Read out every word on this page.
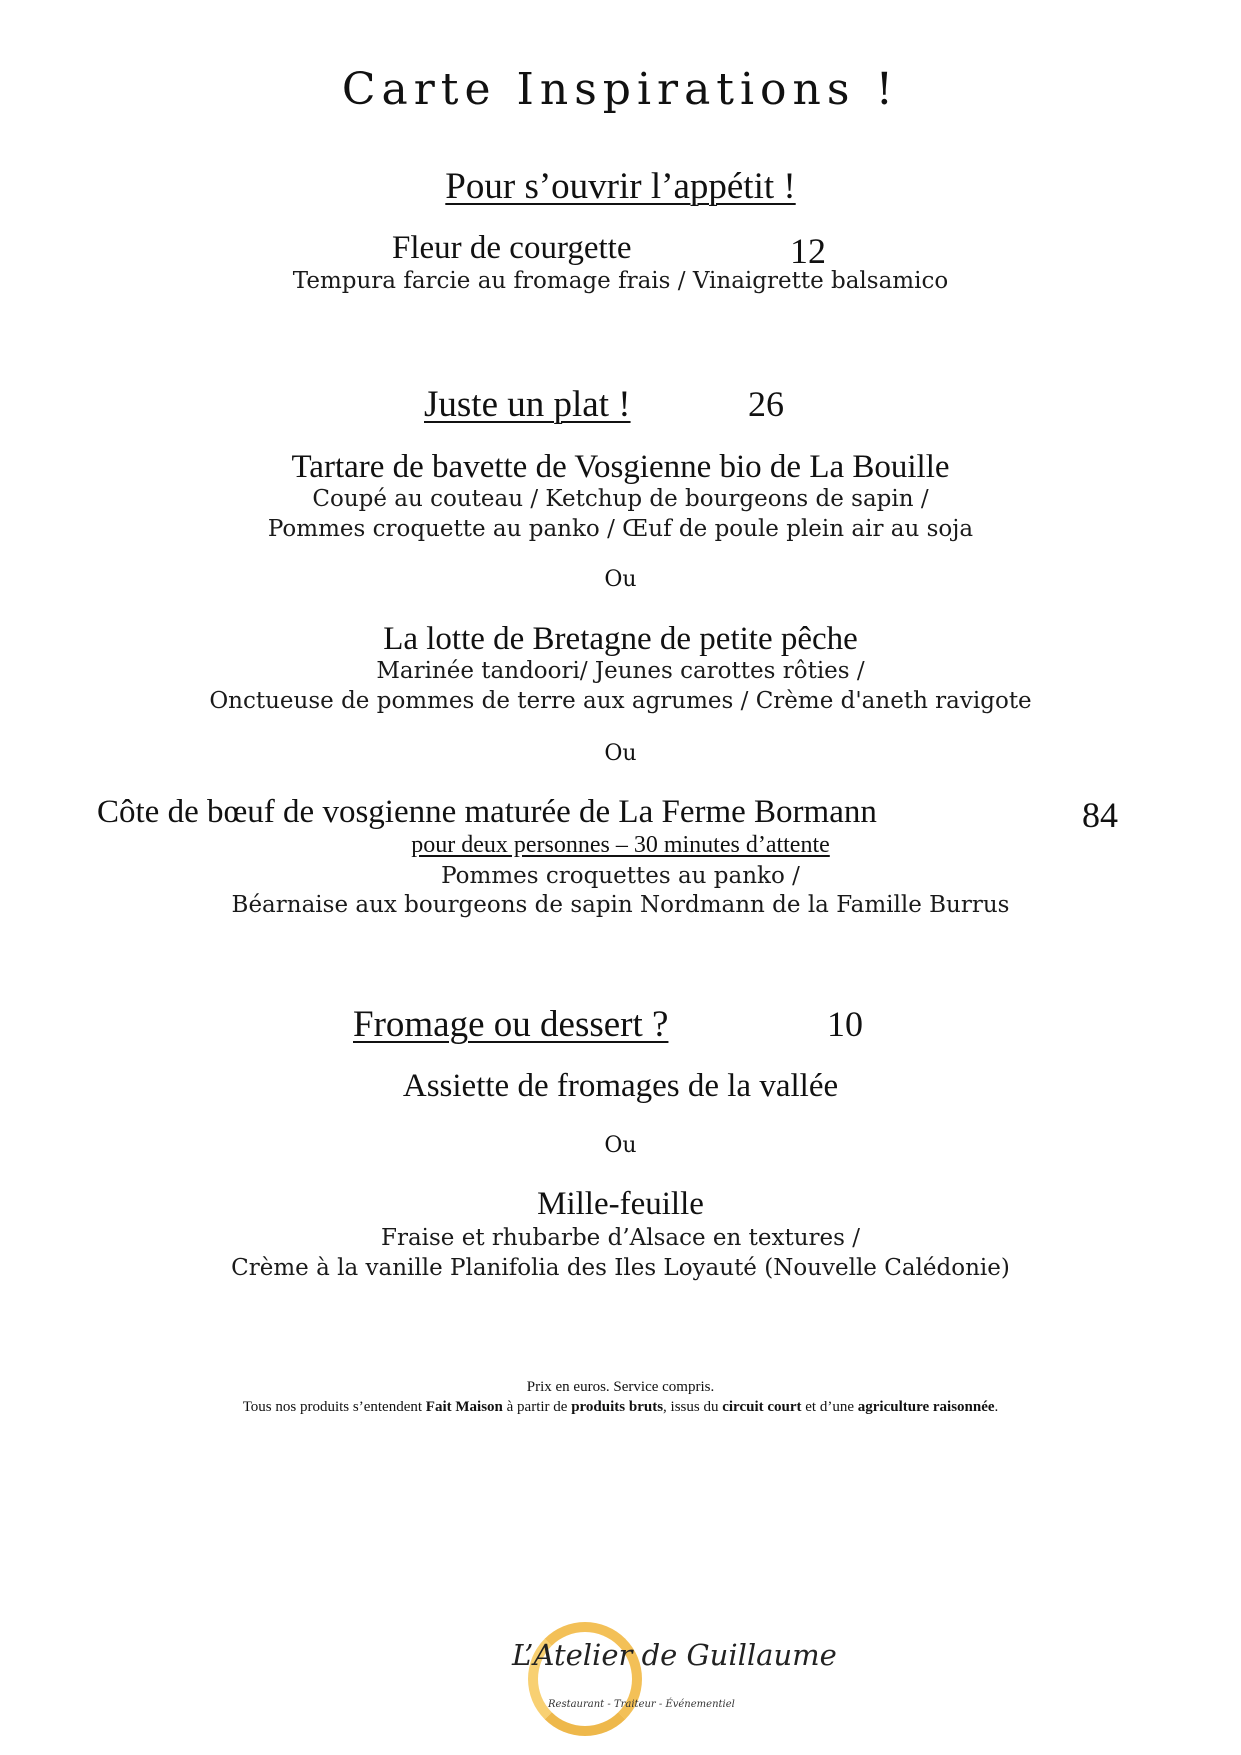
Carte Inspirations !
Pour s’ouvrir l’appétit !
Fleur de courgette	12
Tempura farcie au fromage frais / Vinaigrette balsamico
Juste un plat !	26
Tartare de bavette de Vosgienne bio de La Bouille
Coupé au couteau / Ketchup de bourgeons de sapin /
Pommes croquette au panko / Œuf de poule plein air au soja
Ou
La lotte de Bretagne de petite pêche
Marinée tandoori/ Jeunes carottes rôties /
Onctueuse de pommes de terre aux agrumes / Crème d'aneth ravigote
Ou
Côte de bœuf de vosgienne maturée de La Ferme Bormann	84
pour deux personnes – 30 minutes d’attente
Pommes croquettes au panko /
Béarnaise aux bourgeons de sapin Nordmann de la Famille Burrus
Fromage ou dessert ?	10
Assiette de fromages de la vallée
Ou
Mille-feuille
Fraise et rhubarbe d’Alsace en textures /
Crème à la vanille Planifolia des Iles Loyauté (Nouvelle Calédonie)
Prix en euros. Service compris.
Tous nos produits s’entendent Fait Maison à partir de produits bruts, issus du circuit court et d’une agriculture raisonnée.
L’Atelier de Guillaume
Restaurant - Traiteur - Événementiel
